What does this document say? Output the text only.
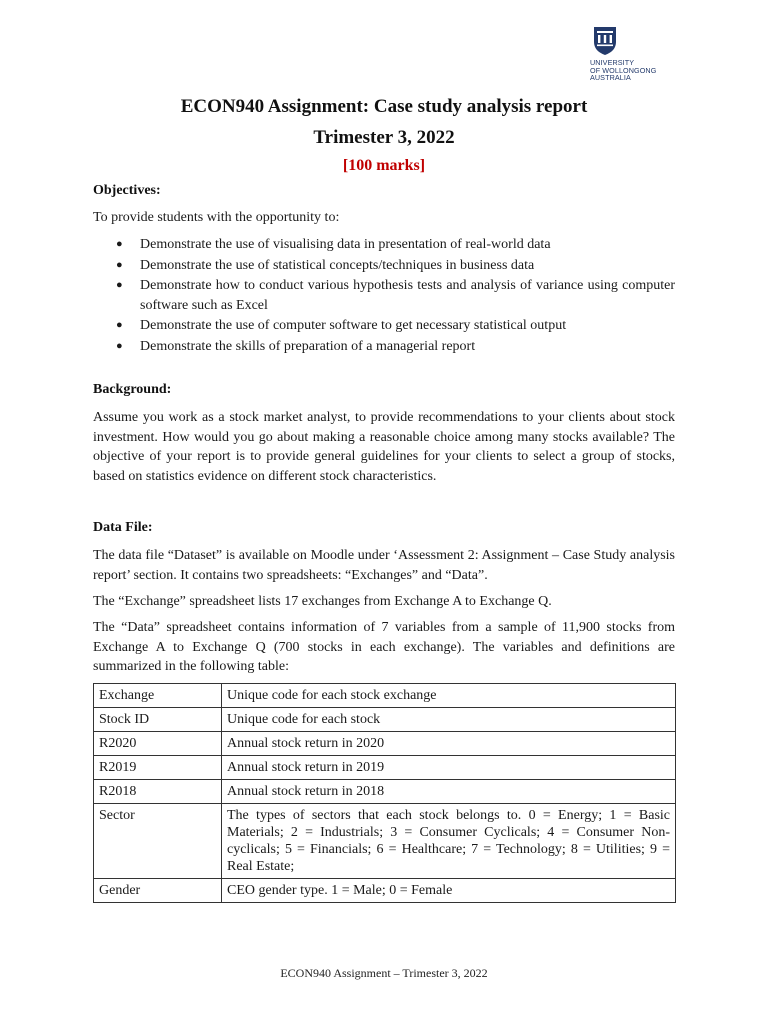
UNIVERSITY
OF WOLLONGONG
AUSTRALIA
ECON940 Assignment: Case study analysis report
Trimester 3, 2022
[100 marks]
Objectives:
To provide students with the opportunity to:
● Demonstrate the use of visualising data in presentation of real-world data
● Demonstrate the use of statistical concepts/techniques in business data
● Demonstrate how to conduct various hypothesis tests and analysis of variance using computer software such as Excel
● Demonstrate the use of computer software to get necessary statistical output
● Demonstrate the skills of preparation of a managerial report
Background:
Assume you work as a stock market analyst, to provide recommendations to your clients about stock investment. How would you go about making a reasonable choice among many stocks available? The objective of your report is to provide general guidelines for your clients to select a group of stocks, based on statistics evidence on different stock characteristics.
Data File:
The data file “Dataset” is available on Moodle under ‘Assessment 2: Assignment – Case Study analysis report’ section. It contains two spreadsheets: “Exchanges” and “Data”.
The “Exchange” spreadsheet lists 17 exchanges from Exchange A to Exchange Q.
The “Data” spreadsheet contains information of 7 variables from a sample of 11,900 stocks from Exchange A to Exchange Q (700 stocks in each exchange). The variables and definitions are summarized in the following table:
Exchange	Unique code for each stock exchange
Stock ID	Unique code for each stock
R2020	Annual stock return in 2020
R2019	Annual stock return in 2019
R2018	Annual stock return in 2018
Sector	The types of sectors that each stock belongs to. 0 = Energy; 1 = Basic Materials; 2 = Industrials; 3 = Consumer Cyclicals; 4 = Consumer Non-cyclicals; 5 = Financials; 6 = Healthcare; 7 = Technology; 8 = Utilities; 9 = Real Estate;
Gender	CEO gender type. 1 = Male; 0 = Female
ECON940 Assignment – Trimester 3, 2022
